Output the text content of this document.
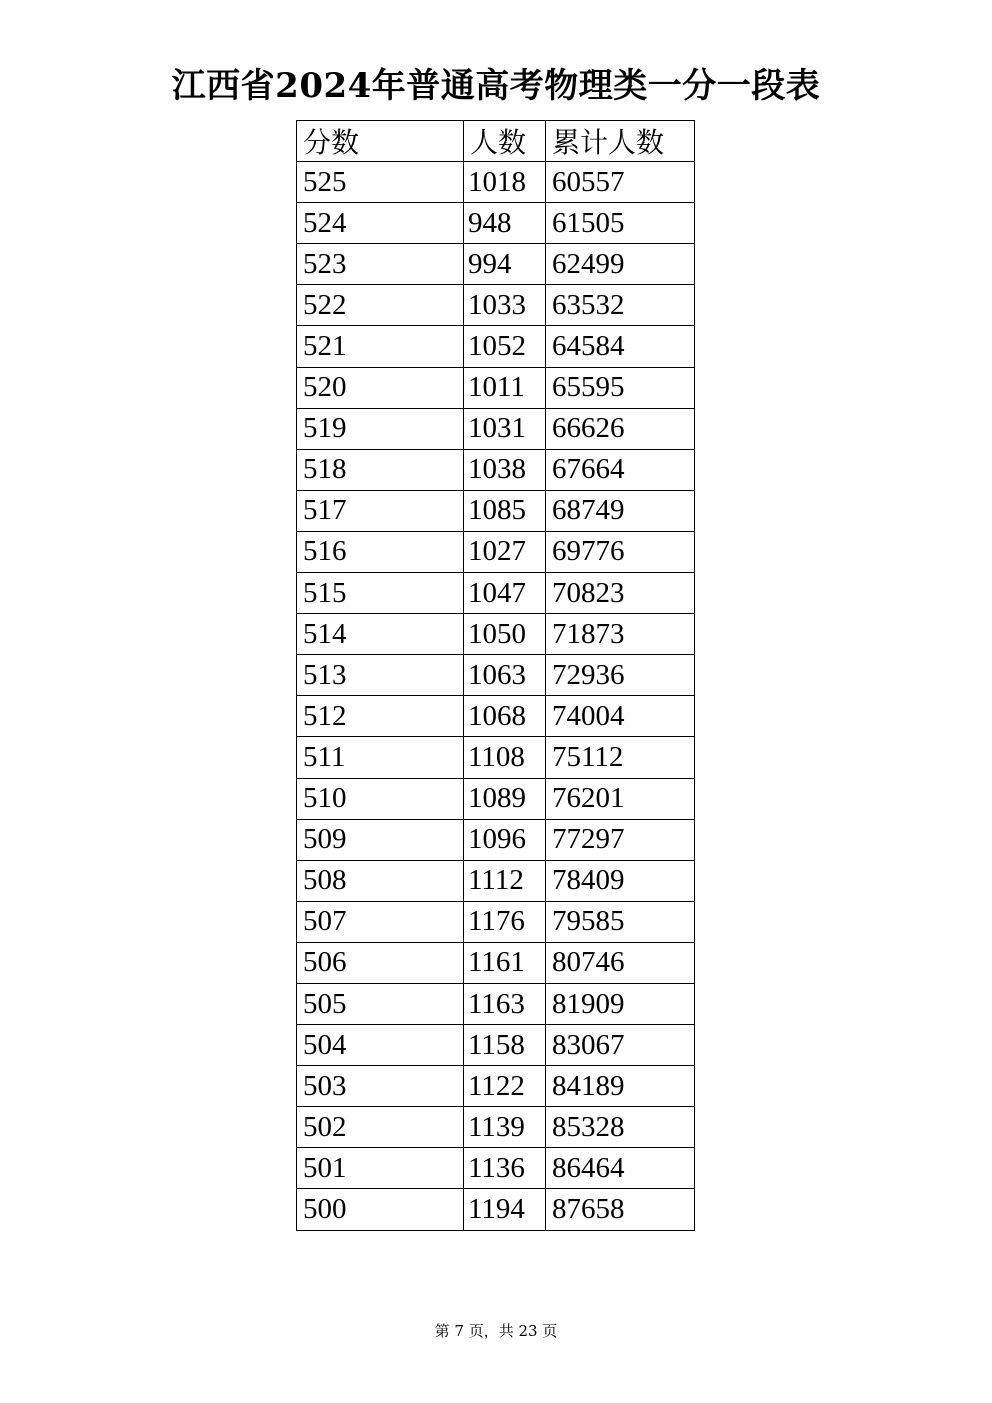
江西省2024年普通高考物理类一分一段表
分数	人数	累计人数
525	1018	60557
524	948	61505
523	994	62499
522	1033	63532
521	1052	64584
520	1011	65595
519	1031	66626
518	1038	67664
517	1085	68749
516	1027	69776
515	1047	70823
514	1050	71873
513	1063	72936
512	1068	74004
511	1108	75112
510	1089	76201
509	1096	77297
508	1112	78409
507	1176	79585
506	1161	80746
505	1163	81909
504	1158	83067
503	1122	84189
502	1139	85328
501	1136	86464
500	1194	87658
第 7 页，共 23 页
